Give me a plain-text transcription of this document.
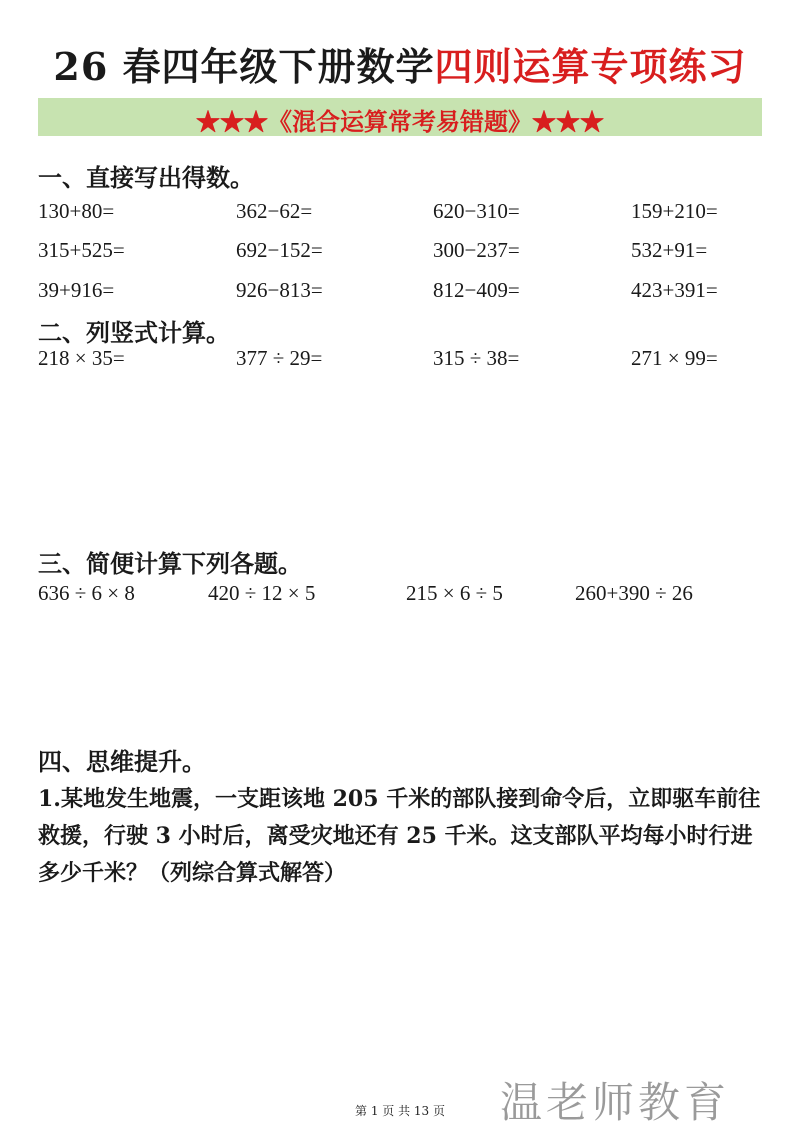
26 春四年级下册数学四则运算专项练习
★★★《混合运算常考易错题》★★★
一、直接写出得数。
130+80=	362−62=	620−310=	159+210=
315+525=	692−152=	300−237=	532+91=
39+916=	926−813=	812−409=	423+391=
二、列竖式计算。
218 × 35=	377 ÷ 29=	315 ÷ 38=	271 × 99=
三、简便计算下列各题。
636 ÷ 6 × 8	420 ÷ 12 × 5	215 × 6 ÷ 5	260+390 ÷ 26
四、思维提升。
1.某地发生地震，一支距该地 205 千米的部队接到命令后，立即驱车前往救援，行驶 3 小时后，离受灾地还有 25 千米。这支部队平均每小时行进多少千米？（列综合算式解答）
第 1 页 共 13 页	温老师教育
